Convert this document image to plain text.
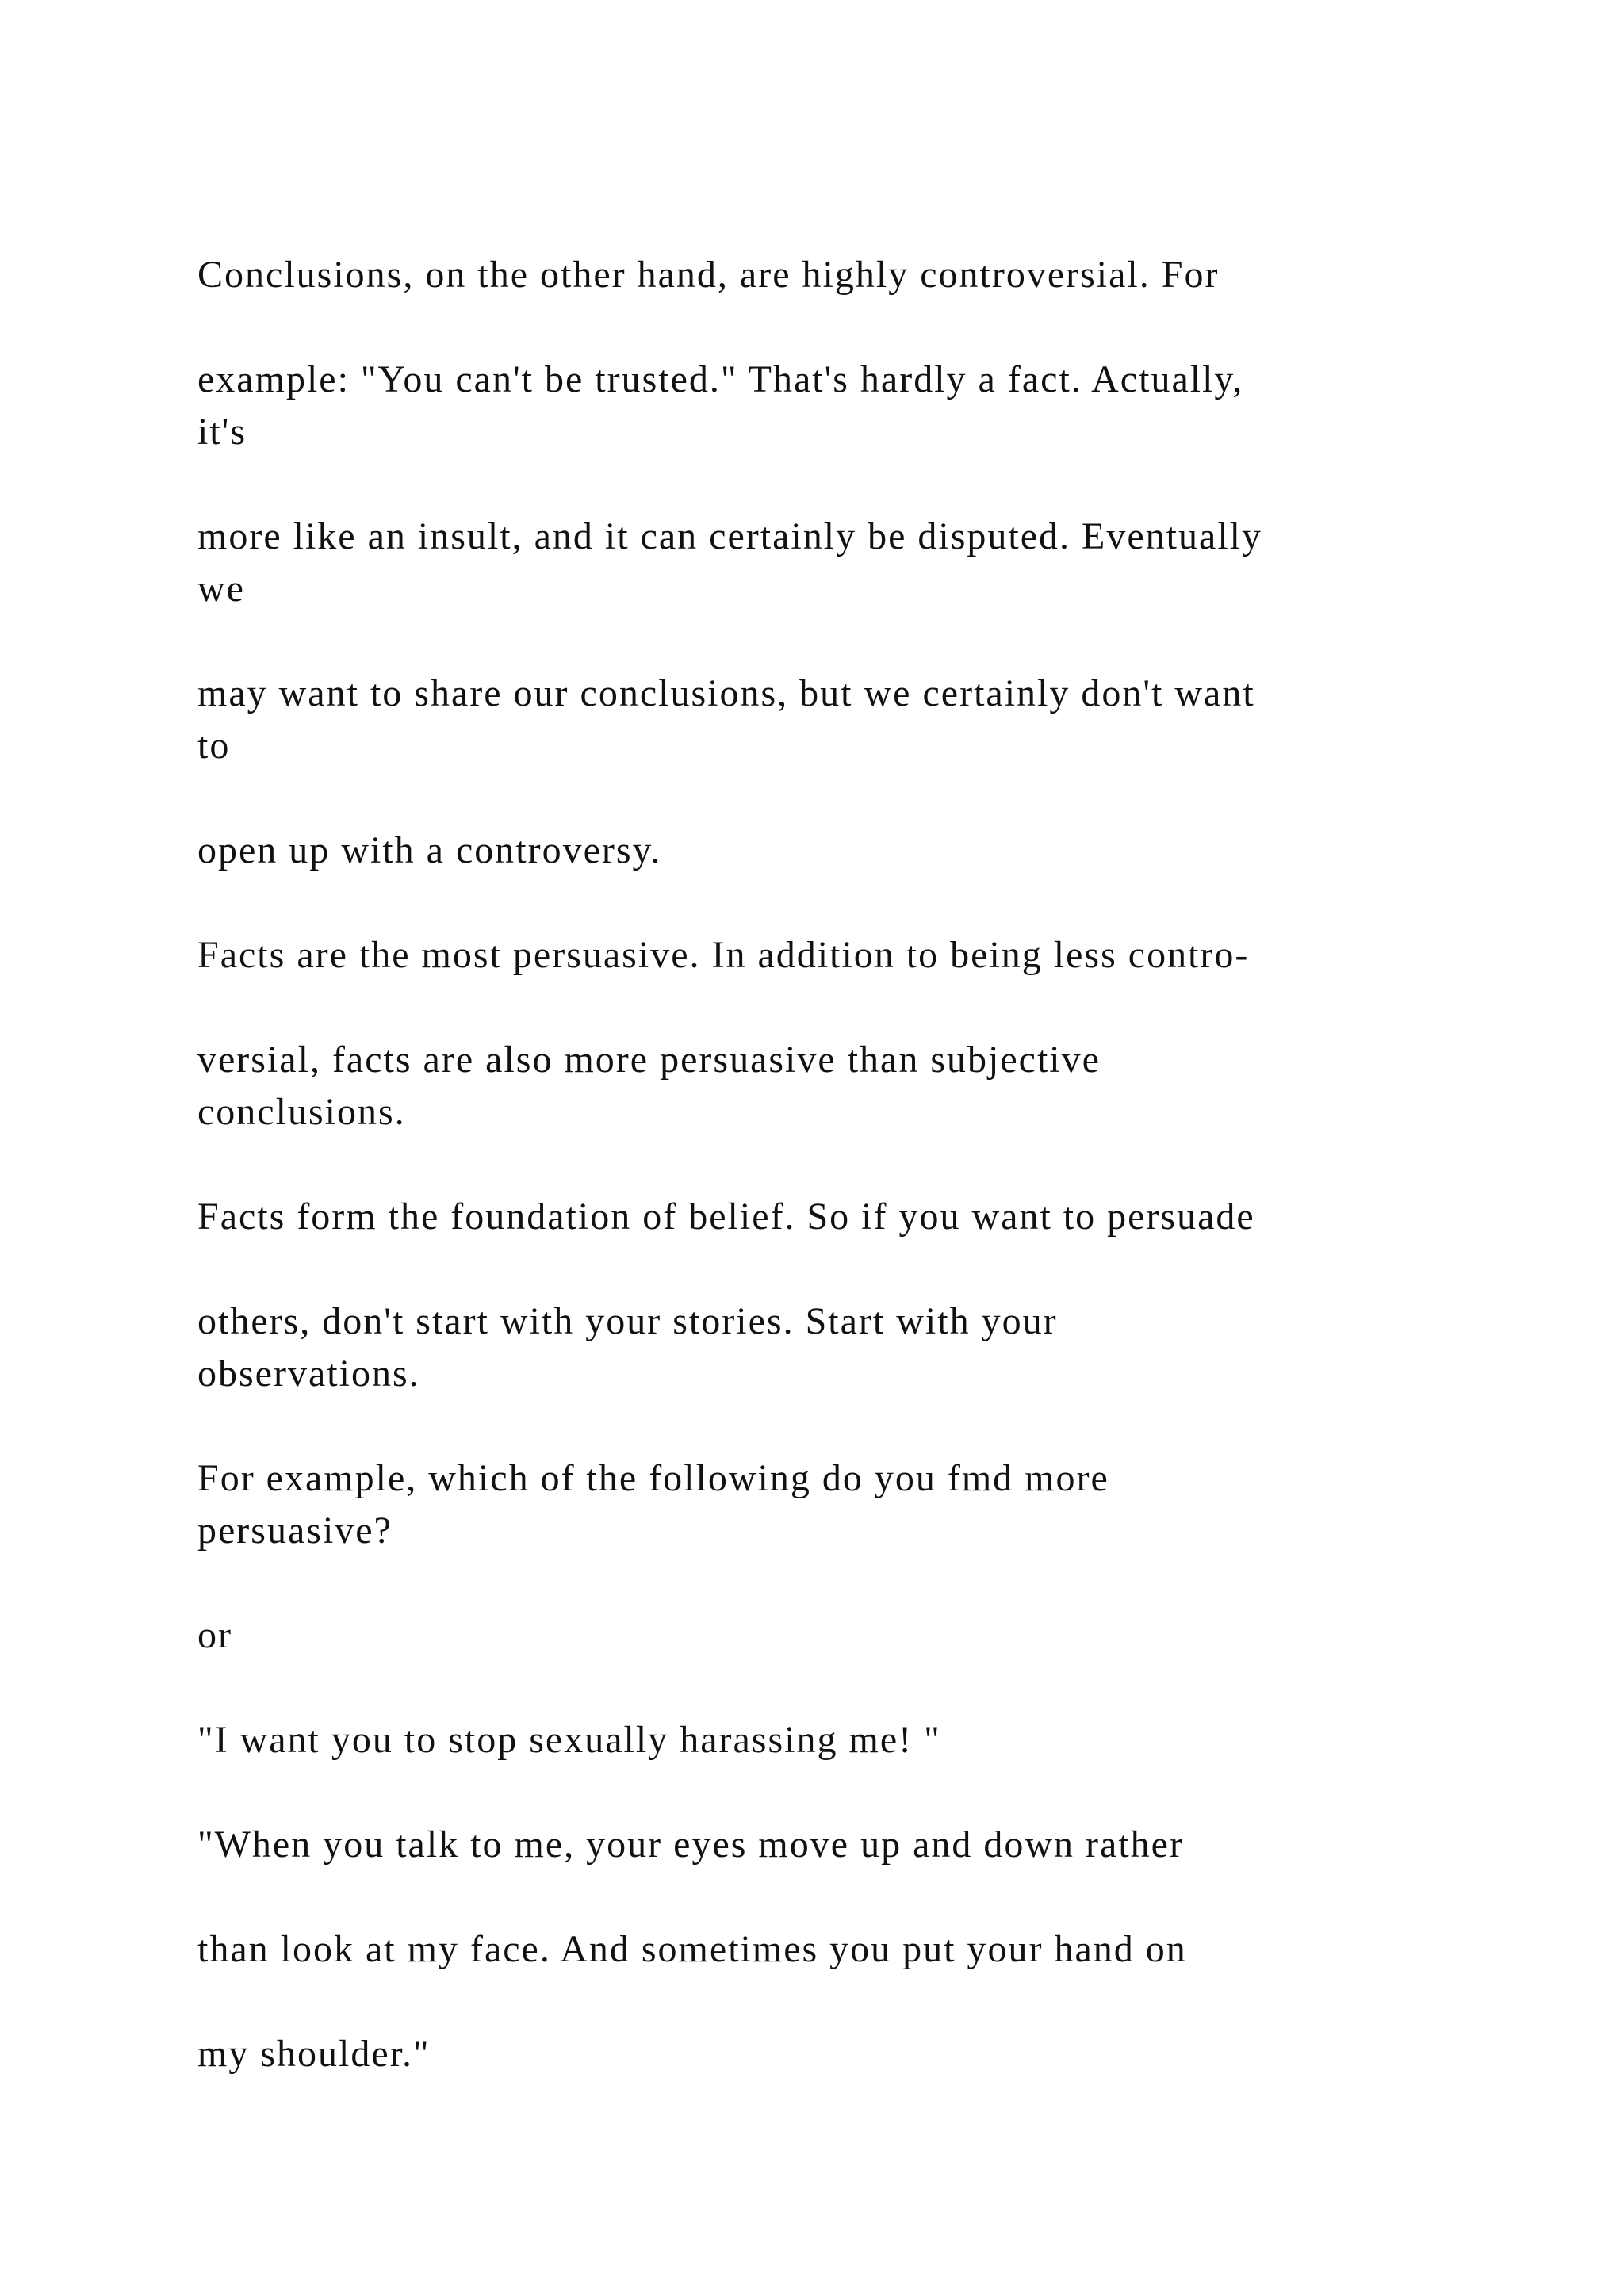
Conclusions, on the other hand, are highly controversial. For

example: "You can't be trusted." That's hardly a fact. Actually,

it's

more like an insult, and it can certainly be disputed. Eventually

we

may want to share our conclusions, but we certainly don't want

to

open up with a controversy.

Facts are the most persuasive. In addition to being less contro-

versial, facts are also more persuasive than subjective

conclusions.

Facts form the foundation of belief. So if you want to persuade

others, don't start with your stories. Start with your

observations.

For example, which of the following do you fmd more

persuasive?

or

"I want you to stop sexually harassing me! "

"When you talk to me, your eyes move up and down rather

than look at my face. And sometimes you put your hand on

my shoulder."
